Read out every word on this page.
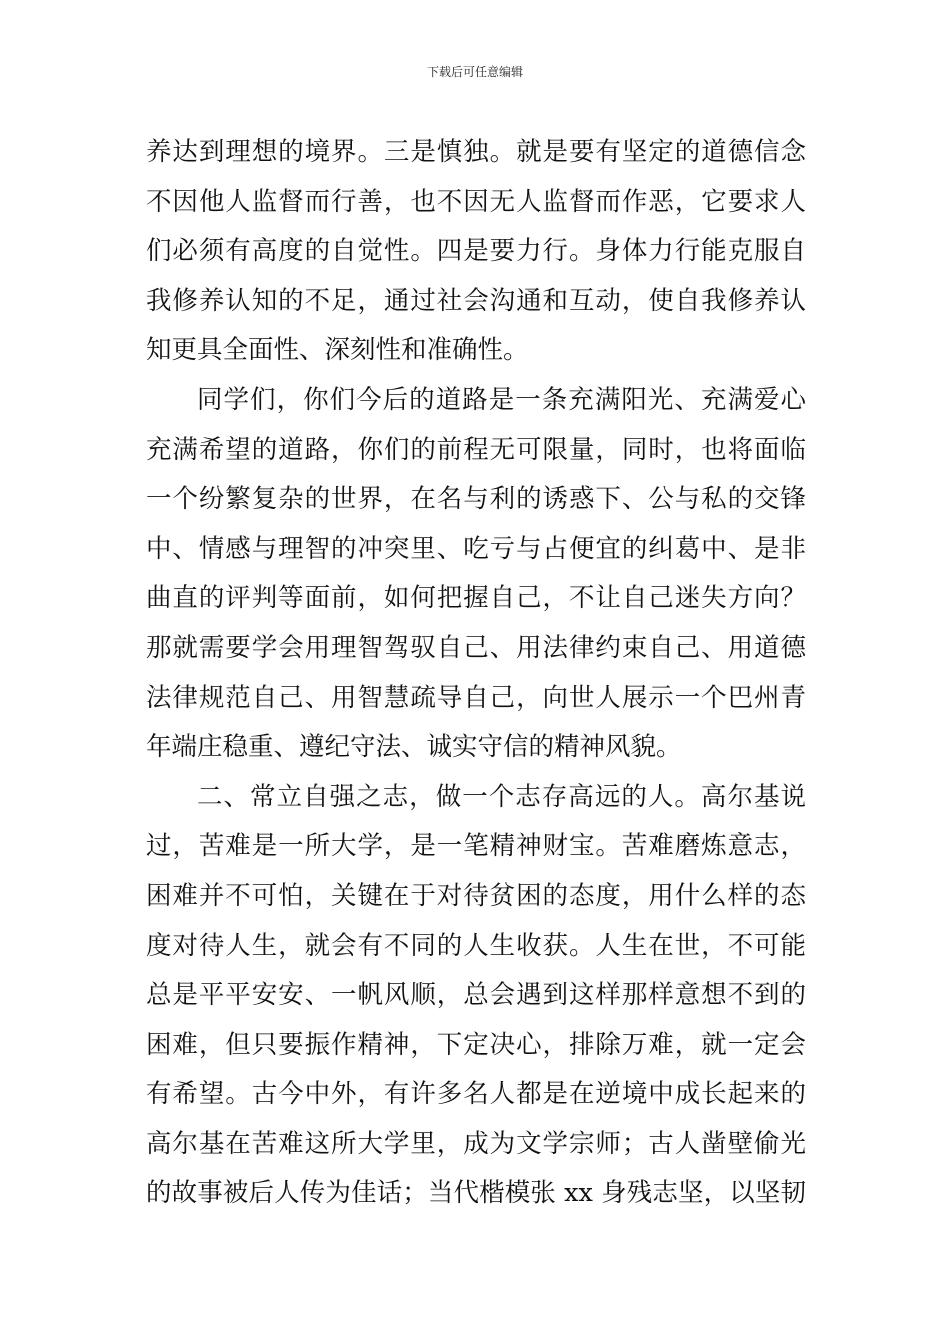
下载后可任意编辑
养达到理想的境界。三是慎独。就是要有坚定的道德信念
不因他人监督而行善，也不因无人监督而作恶，它要求人
们必须有高度的自觉性。四是要力行。身体力行能克服自
我修养认知的不足，通过社会沟通和互动，使自我修养认
知更具全面性、深刻性和准确性。
同学们，你们今后的道路是一条充满阳光、充满爱心
充满希望的道路，你们的前程无可限量，同时，也将面临
一个纷繁复杂的世界，在名与利的诱惑下、公与私的交锋
中、情感与理智的冲突里、吃亏与占便宜的纠葛中、是非
曲直的评判等面前，如何把握自己，不让自己迷失方向？
那就需要学会用理智驾驭自己、用法律约束自己、用道德
法律规范自己、用智慧疏导自己，向世人展示一个巴州青
年端庄稳重、遵纪守法、诚实守信的精神风貌。
二、常立自强之志，做一个志存高远的人。高尔基说
过，苦难是一所大学，是一笔精神财宝。苦难磨炼意志，
困难并不可怕，关键在于对待贫困的态度，用什么样的态
度对待人生，就会有不同的人生收获。人生在世，不可能
总是平平安安、一帆风顺，总会遇到这样那样意想不到的
困难，但只要振作精神，下定决心，排除万难，就一定会
有希望。古今中外，有许多名人都是在逆境中成长起来的
高尔基在苦难这所大学里，成为文学宗师；古人凿壁偷光
的故事被后人传为佳话；当代楷模张 xx 身残志坚，以坚韧
